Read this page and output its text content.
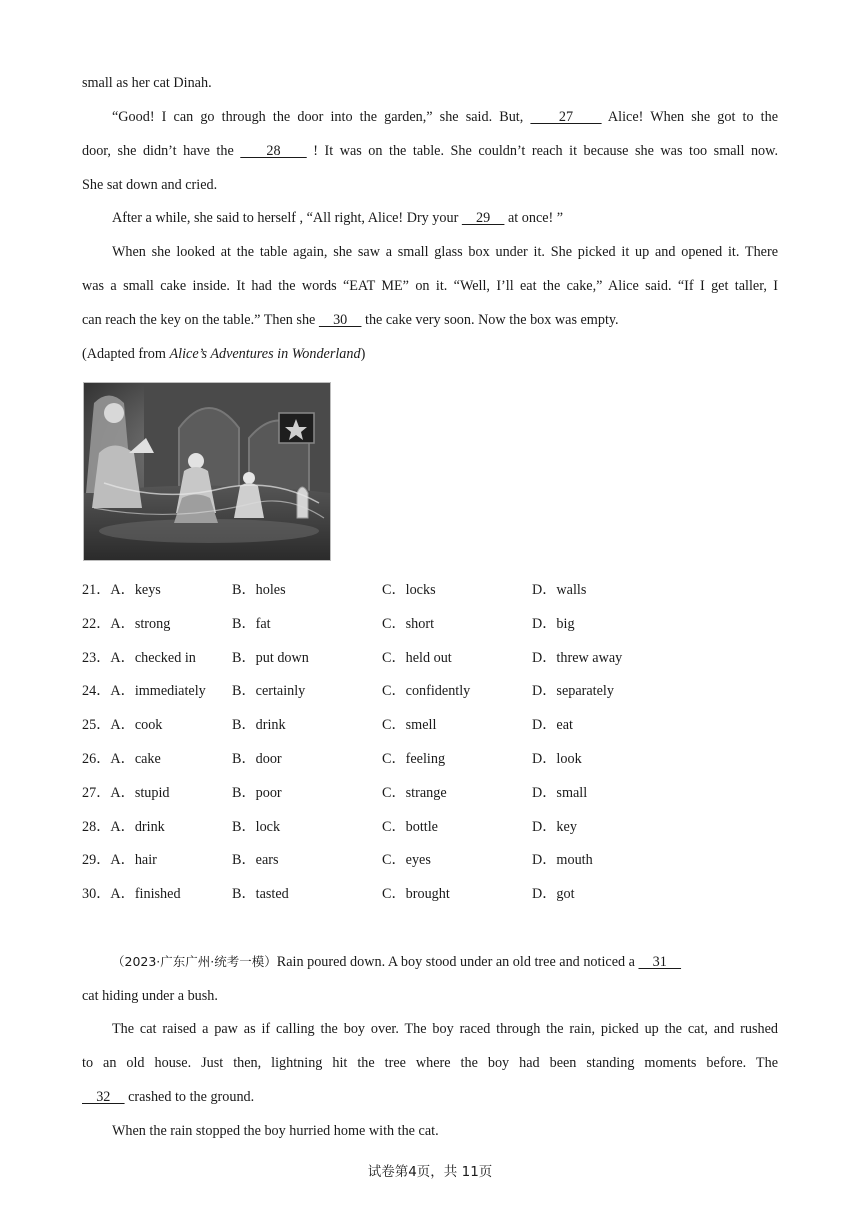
small as her cat Dinah.
“Good! I can go through the door into the garden,” she said. But,     27     Alice! When she got to the
door, she didn’t have the     28     ! It was on the table. She couldn’t reach it because she was too small now.
She sat down and cried.
After a while, she said to herself , “All right, Alice! Dry your     29     at once! ”
When she looked at the table again, she saw a small glass box under it. She picked it up and opened it. There
was a small cake inside. It had the words “EAT ME” on it. “Well, I’ll eat the cake,” Alice said. “If I get taller, I
can reach the key on the table.” Then she     30     the cake very soon. Now the box was empty.
(Adapted from Alice’s Adventures in Wonderland)
21．A．keys	B．holes	C．locks	D．walls
22．A．strong	B．fat	C．short	D．big
23．A．checked in	B．put down	C．held out	D．threw away
24．A．immediately B．certainly	C．confidently	D．separately
25．A．cook	B．drink	C．smell	D．eat
26．A．cake	B．door	C．feeling	D．look
27．A．stupid	B．poor	C．strange	D．small
28．A．drink	B．lock	C．bottle	D．key
29．A．hair	B．ears	C．eyes	D．mouth
30．A．finished	B．tasted	C．brought	D．got
（2023·广东广州·统考一模）Rain poured down. A boy stood under an old tree and noticed a     31
cat hiding under a bush.
The cat raised a paw as if calling the boy over. The boy raced through the rain, picked up the cat, and rushed
to an old house. Just then, lightning hit the tree where the boy had been standing moments before. The
32     crashed to the ground.
When the rain stopped the boy hurried home with the cat.
试卷第4页，共 11页
